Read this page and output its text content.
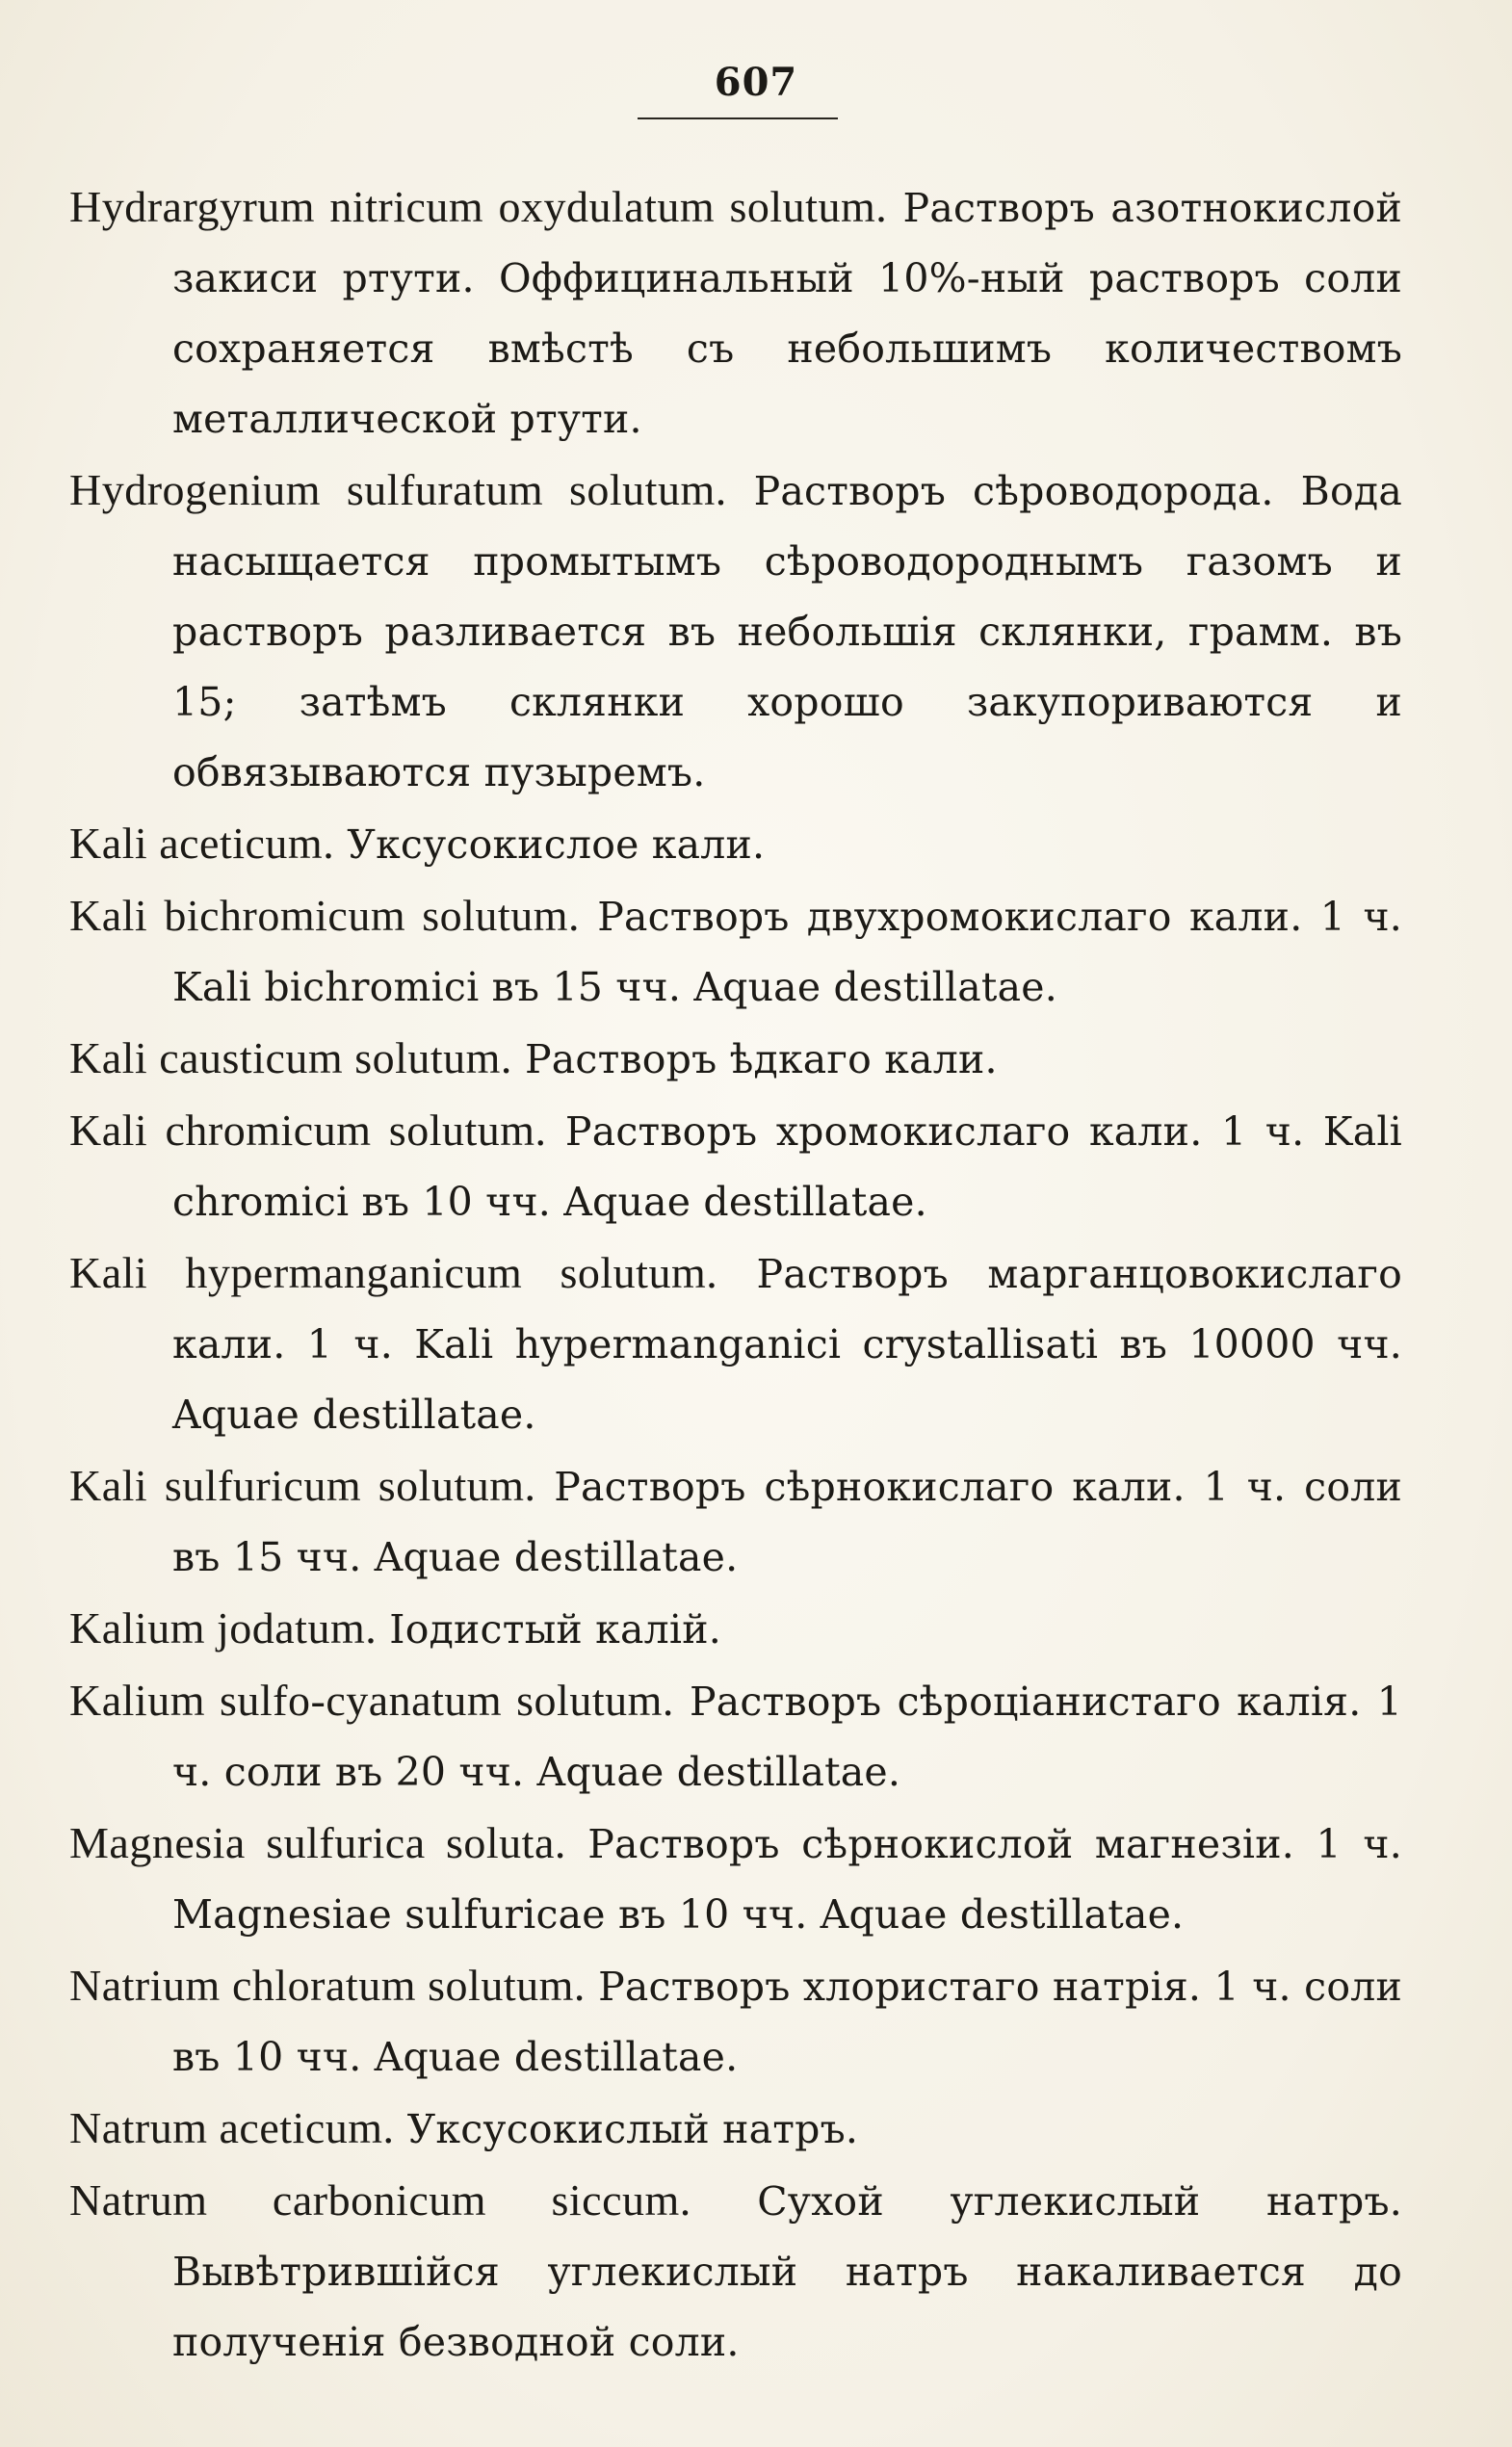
607

Hydrargyrum nitricum oxydulatum solutum. Растворъ азотнокислой закиси ртути. Оффицинальный 10%-ный растворъ соли сохраняется вмѣстѣ съ небольшимъ количествомъ металлической ртути.

Hydrogenium sulfuratum solutum. Растворъ сѣроводорода. Вода насыщается промытымъ сѣроводороднымъ газомъ и растворъ разливается въ небольшія склянки, грамм. въ 15; затѣмъ склянки хорошо закупориваются и обвязываются пузыремъ.

Kali aceticum. Уксусокислое кали.

Kali bichromicum solutum. Растворъ двухромокислаго кали. 1 ч. Kali bichromici въ 15 чч. Aquae destillatae.

Kali causticum solutum. Растворъ ѣдкаго кали.

Kali chromicum solutum. Растворъ хромокислаго кали. 1 ч. Kali chromici въ 10 чч. Aquae destillatae.

Kali hypermanganicum solutum. Растворъ марганцовокислаго кали. 1 ч. Kali hypermanganici crystallisati въ 10000 чч. Aquae destillatae.

Kali sulfuricum solutum. Растворъ сѣрнокислаго кали. 1 ч. соли въ 15 чч. Aquae destillatae.

Kalium jodatum. Іодистый калій.

Kalium sulfo-cyanatum solutum. Растворъ сѣроціанистаго калія. 1 ч. соли въ 20 чч. Aquae destillatae.

Magnesia sulfurica soluta. Растворъ сѣрнокислой магнезіи. 1 ч. Magnesiae sulfuricae въ 10 чч. Aquae destillatae.

Natrium chloratum solutum. Растворъ хлористаго натрія. 1 ч. соли въ 10 чч. Aquae destillatae.

Natrum aceticum. Уксусокислый натръ.

Natrum carbonicum siccum. Сухой углекислый натръ. Вывѣтрившійся углекислый натръ накаливается до полученія безводной соли.
